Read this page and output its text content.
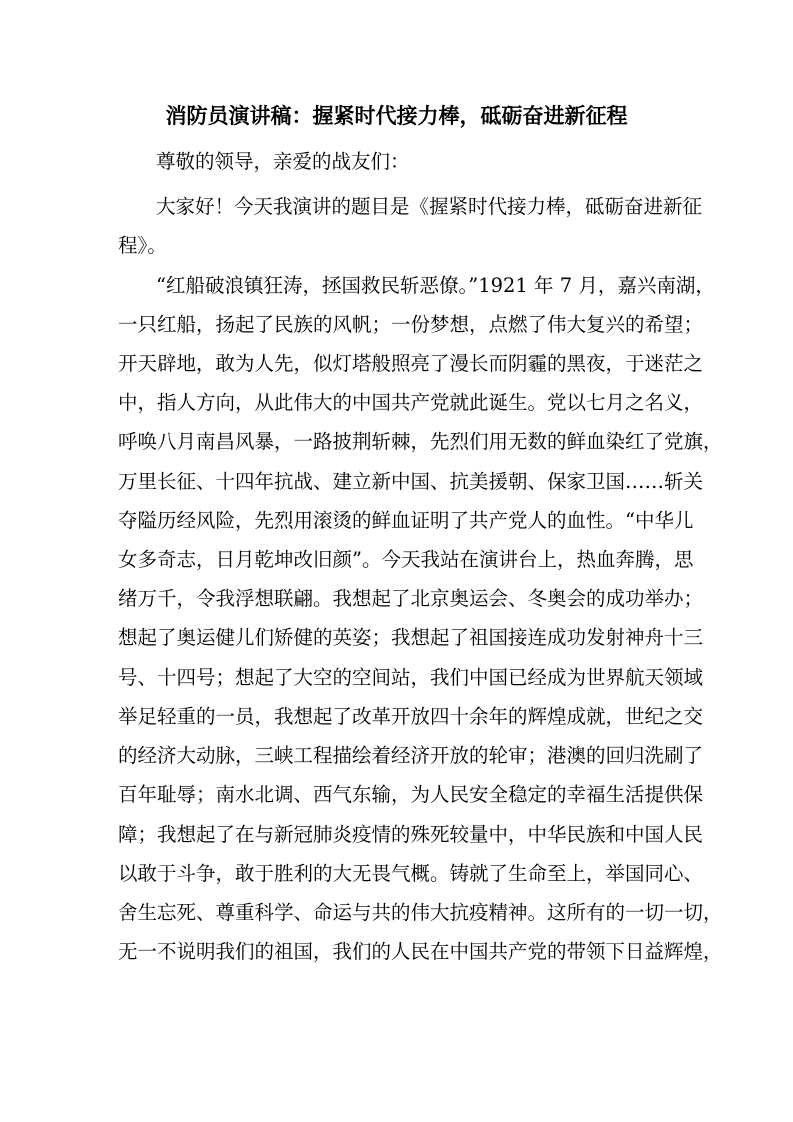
消防员演讲稿：握紧时代接力棒，砥砺奋进新征程
尊敬的领导，亲爱的战友们：
大家好！今天我演讲的题目是《握紧时代接力棒，砥砺奋进新征
程》。
“红船破浪镇狂涛，拯国救民斩恶僚。”1921 年 7 月，嘉兴南湖，
一只红船，扬起了民族的风帆；一份梦想，点燃了伟大复兴的希望；
开天辟地，敢为人先，似灯塔般照亮了漫长而阴霾的黑夜，于迷茫之
中，指人方向，从此伟大的中国共产党就此诞生。党以七月之名义，
呼唤八月南昌风暴，一路披荆斩棘，先烈们用无数的鲜血染红了党旗，
万里长征、十四年抗战、建立新中国、抗美援朝、保家卫国……斩关
夺隘历经风险，先烈用滚烫的鲜血证明了共产党人的血性。“中华儿
女多奇志，日月乾坤改旧颜”。今天我站在演讲台上，热血奔腾，思
绪万千，令我浮想联翩。我想起了北京奥运会、冬奥会的成功举办；
想起了奥运健儿们矫健的英姿；我想起了祖国接连成功发射神舟十三
号、十四号；想起了大空的空间站，我们中国已经成为世界航天领域
举足轻重的一员，我想起了改革开放四十余年的辉煌成就，世纪之交
的经济大动脉，三峡工程描绘着经济开放的轮审；港澳的回归洗刷了
百年耻辱；南水北调、西气东输，为人民安全稳定的幸福生活提供保
障；我想起了在与新冠肺炎疫情的殊死较量中，中华民族和中国人民
以敢于斗争，敢于胜利的大无畏气概。铸就了生命至上，举国同心、
舍生忘死、尊重科学、命运与共的伟大抗疫精神。这所有的一切一切，
无一不说明我们的祖国，我们的人民在中国共产党的带领下日益辉煌，
